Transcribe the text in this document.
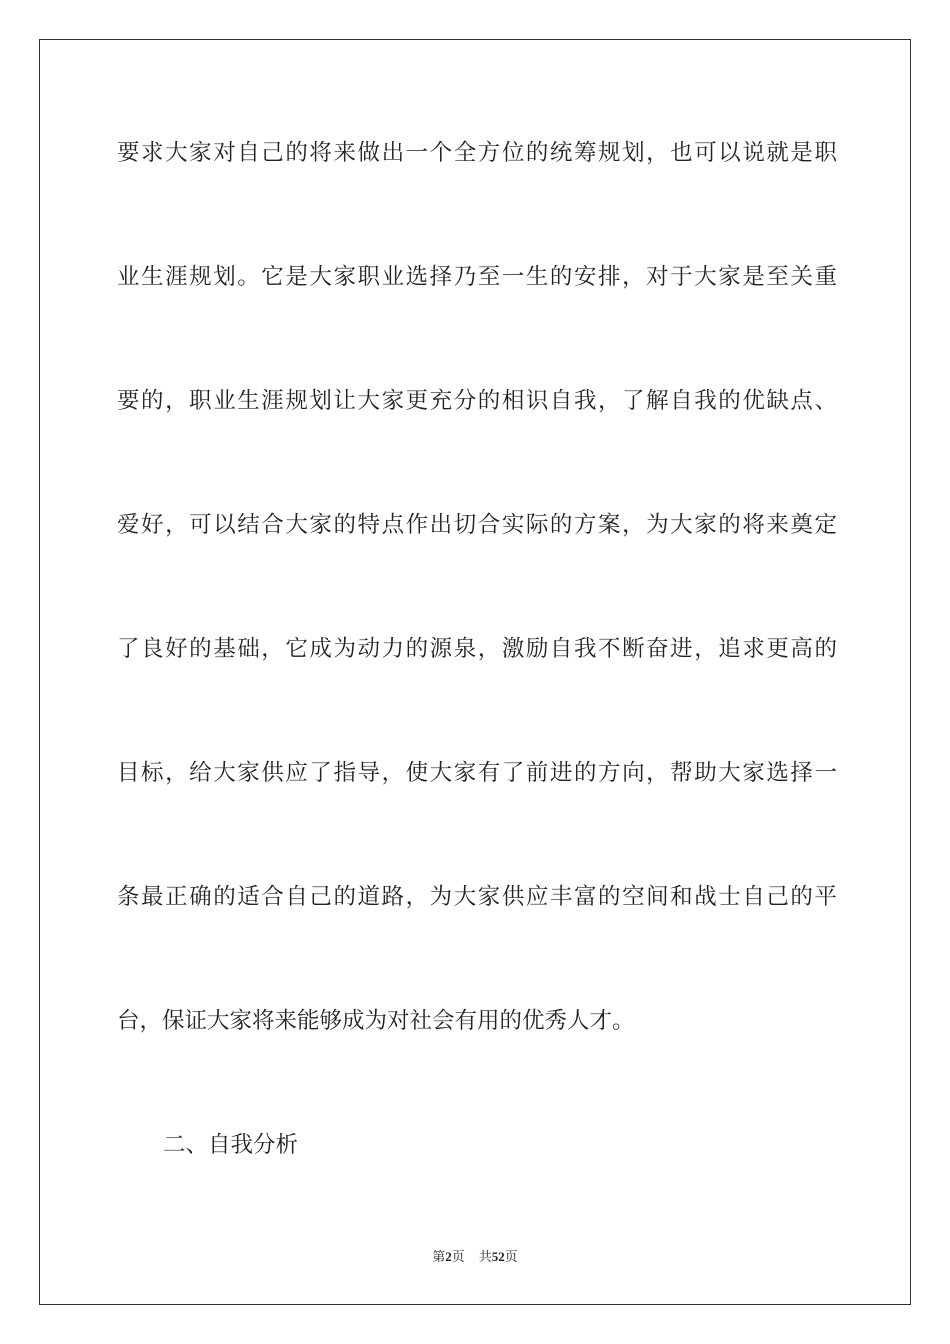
要求大家对自己的将来做出一个全方位的统筹规划，也可以说就是职
业生涯规划。它是大家职业选择乃至一生的安排，对于大家是至关重
要的，职业生涯规划让大家更充分的相识自我，了解自我的优缺点、
爱好，可以结合大家的特点作出切合实际的方案，为大家的将来奠定
了良好的基础，它成为动力的源泉，激励自我不断奋进，追求更高的
目标，给大家供应了指导，使大家有了前进的方向，帮助大家选择一
条最正确的适合自己的道路，为大家供应丰富的空间和战士自己的平
台，保证大家将来能够成为对社会有用的优秀人才。
二、自我分析
第2页 共52页
